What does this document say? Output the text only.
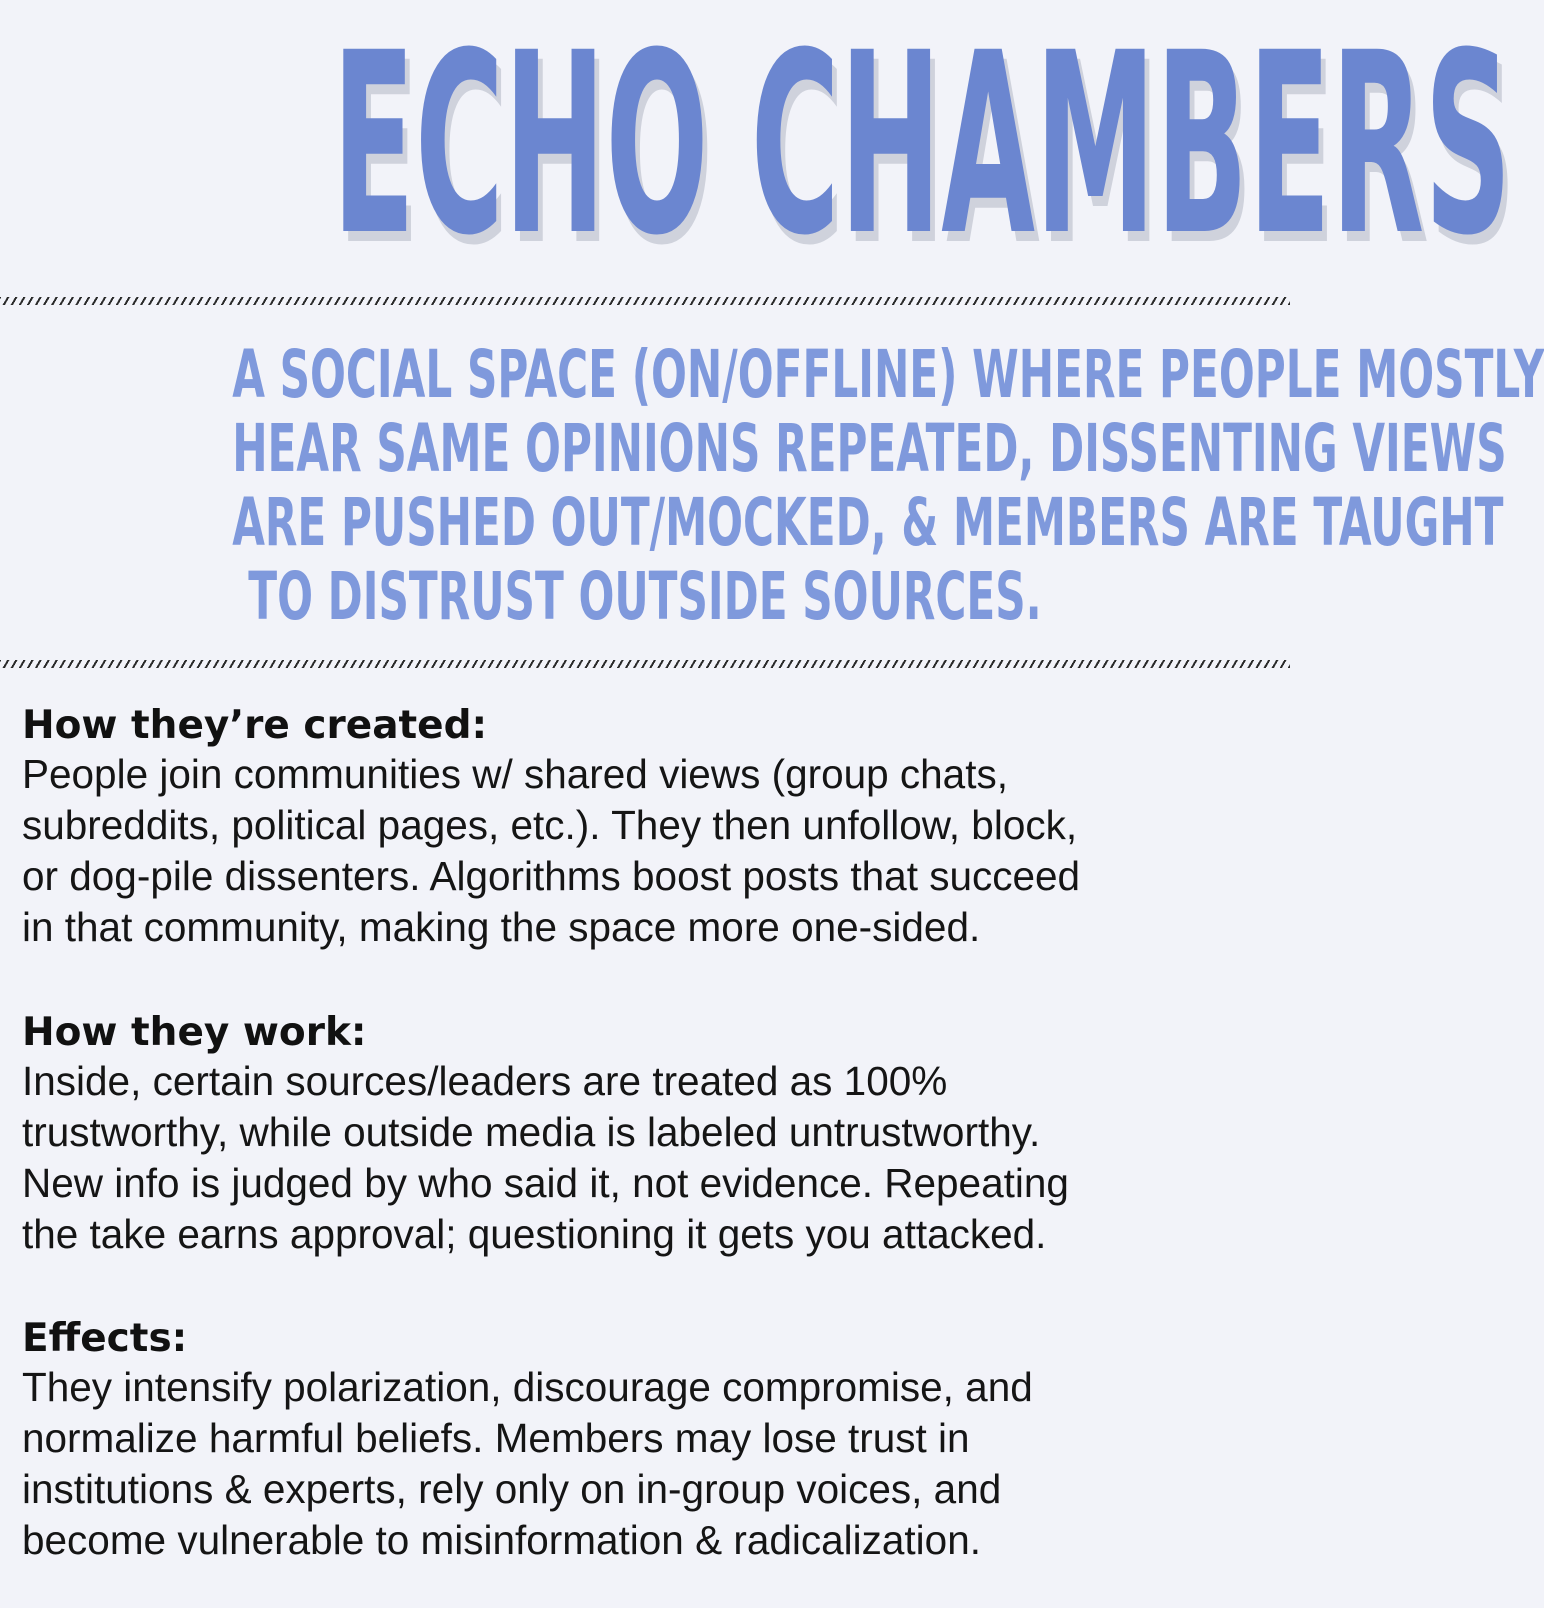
ECHO CHAMBERS
A SOCIAL SPACE (ON/OFFLINE) WHERE PEOPLE MOSTLY
HEAR SAME OPINIONS REPEATED, DISSENTING VIEWS
ARE PUSHED OUT/MOCKED, & MEMBERS ARE TAUGHT
TO DISTRUST OUTSIDE SOURCES.
How they’re created:
People join communities w/ shared views (group chats,
subreddits, political pages, etc.). They then unfollow, block,
or dog-pile dissenters. Algorithms boost posts that succeed
in that community, making the space more one-sided.
How they work:
Inside, certain sources/leaders are treated as 100%
trustworthy, while outside media is labeled untrustworthy.
New info is judged by who said it, not evidence. Repeating
the take earns approval; questioning it gets you attacked.
Effects:
They intensify polarization, discourage compromise, and
normalize harmful beliefs. Members may lose trust in
institutions & experts, rely only on in-group voices, and
become vulnerable to misinformation & radicalization.
